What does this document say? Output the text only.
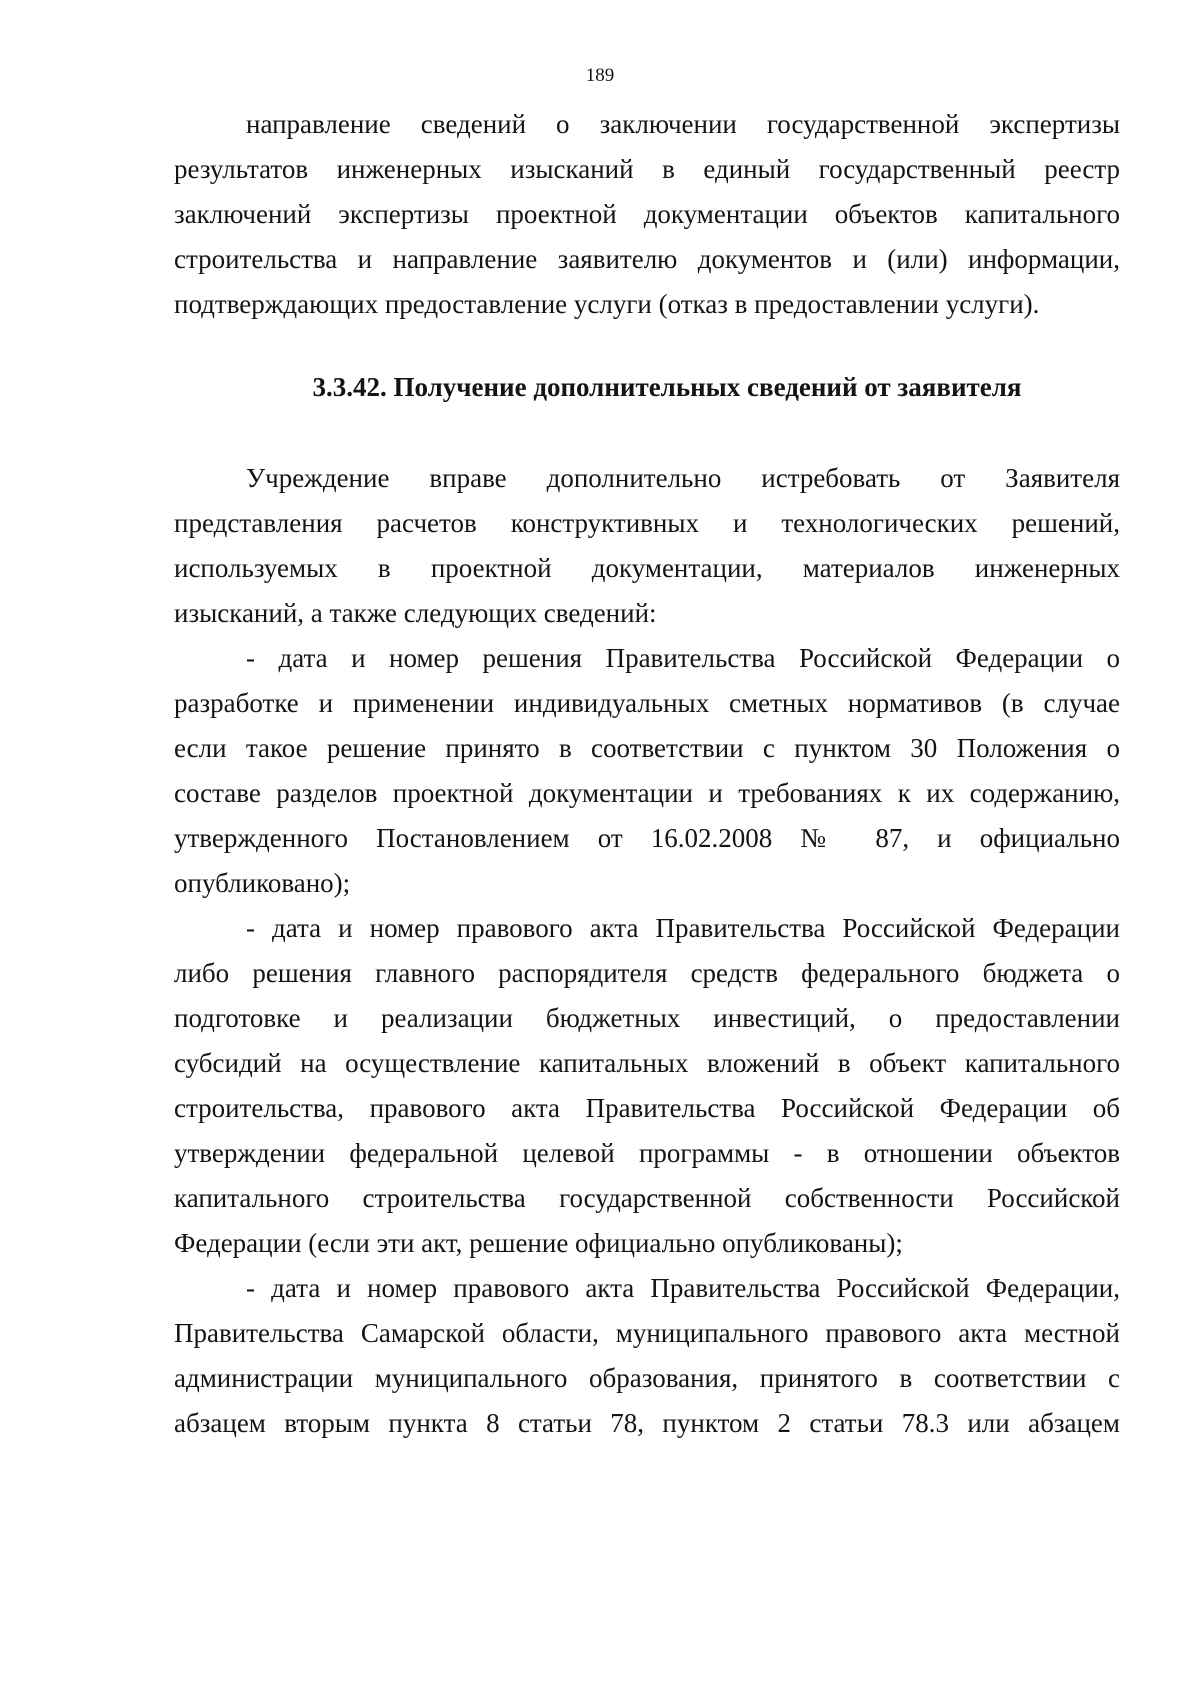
189
направление сведений о заключении государственной экспертизы
результатов инженерных изысканий в единый государственный реестр
заключений экспертизы проектной документации объектов капитального
строительства и направление заявителю документов и (или) информации,
подтверждающих предоставление услуги (отказ в предоставлении услуги).
3.3.42. Получение дополнительных сведений от заявителя
Учреждение вправе дополнительно истребовать от Заявителя
представления расчетов конструктивных и технологических решений,
используемых в проектной документации, материалов инженерных
изысканий, а также следующих сведений:
- дата и номер решения Правительства Российской Федерации о
разработке и применении индивидуальных сметных нормативов (в случае
если такое решение принято в соответствии с пунктом 30 Положения о
составе разделов проектной документации и требованиях к их содержанию,
утвержденного Постановлением от 16.02.2008 № 87, и официально
опубликовано);
- дата и номер правового акта Правительства Российской Федерации
либо решения главного распорядителя средств федерального бюджета о
подготовке и реализации бюджетных инвестиций, о предоставлении
субсидий на осуществление капитальных вложений в объект капитального
строительства, правового акта Правительства Российской Федерации об
утверждении федеральной целевой программы - в отношении объектов
капитального строительства государственной собственности Российской
Федерации (если эти акт, решение официально опубликованы);
- дата и номер правового акта Правительства Российской Федерации,
Правительства Самарской области, муниципального правового акта местной
администрации муниципального образования, принятого в соответствии с
абзацем вторым пункта 8 статьи 78, пунктом 2 статьи 78.3 или абзацем
